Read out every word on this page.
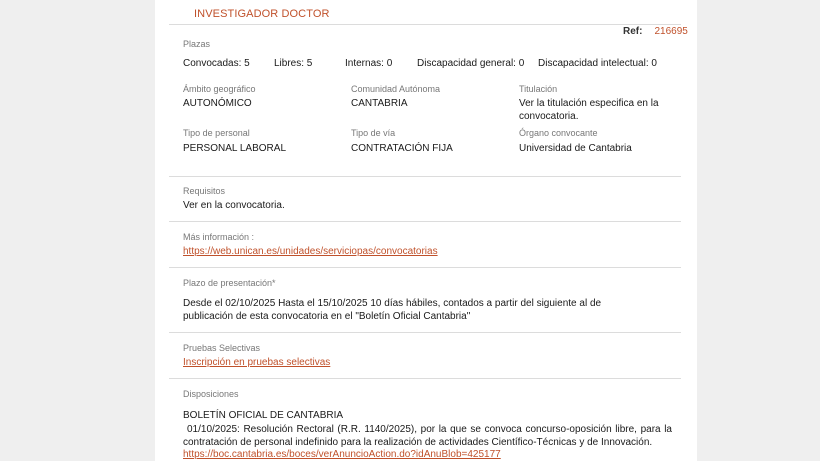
INVESTIGADOR DOCTOR
Ref: 216695
Plazas
Convocadas: 5 Libres: 5	Internas: 0 Discapacidad general: 0 Discapacidad intelectual: 0
Ámbito geográfico
AUTONÓMICO
Comunidad Autónoma
CANTABRIA
Titulación
Ver la titulación especifica en la convocatoria.
Tipo de personal
PERSONAL LABORAL
Tipo de vía
CONTRATACIÓN FIJA
Órgano convocante
Universidad de Cantabria
Requisitos
Ver en la convocatoria.
Más información :
https://web.unican.es/unidades/serviciopas/convocatorias
Plazo de presentación*
Desde el 02/10/2025 Hasta el 15/10/2025 10 días hábiles, contados a partir del siguiente al de publicación de esta convocatoria en el "Boletín Oficial Cantabria"
Pruebas Selectivas
Inscripción en pruebas selectivas
Disposiciones
BOLETÍN OFICIAL DE CANTABRIA
01/10/2025: Resolución Rectoral (R.R. 1140/2025), por la que se convoca concurso-oposición libre, para la contratación de personal indefinido para la realización de actividades Científico-Técnicas y de Innovación.
https://boc.cantabria.es/boces/verAnuncioAction.do?idAnuBlob=425177
